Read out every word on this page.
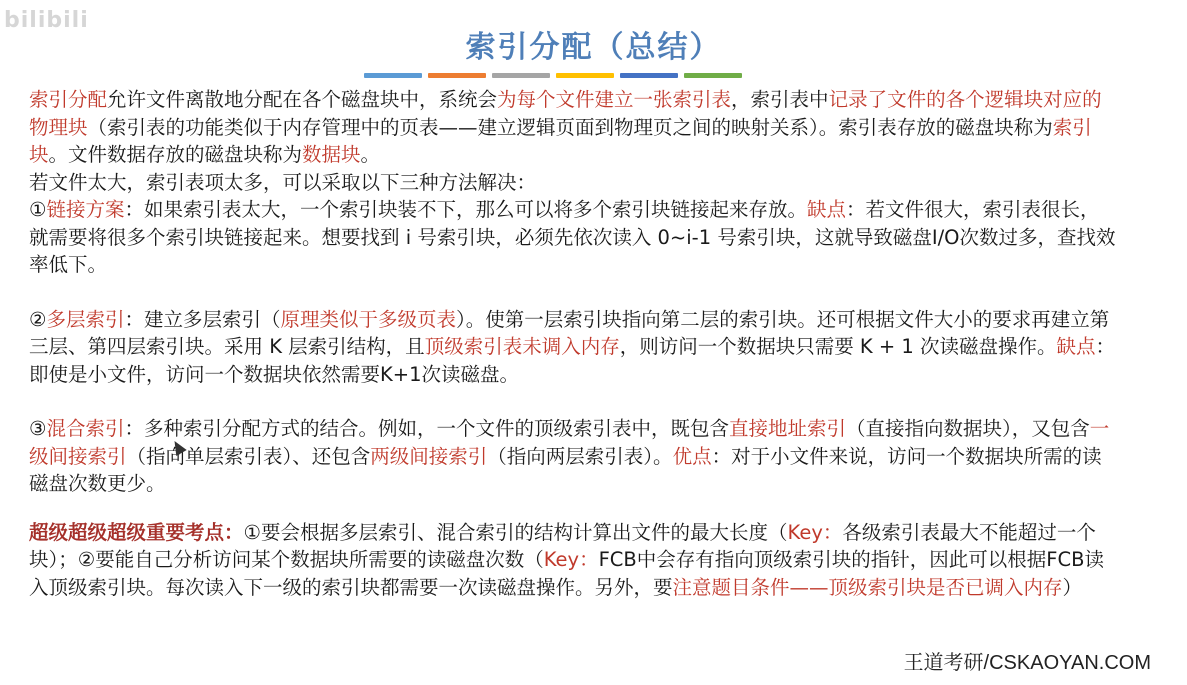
bilibili
索引分配（总结）

索引分配允许文件离散地分配在各个磁盘块中，系统会为每个文件建立一张索引表，索引表中记录了文件的各个逻辑块对应的物理块（索引表的功能类似于内存管理中的页表——建立逻辑页面到物理页之间的映射关系）。索引表存放的磁盘块称为索引块。文件数据存放的磁盘块称为数据块。

若文件太大，索引表项太多，可以采取以下三种方法解决：

①链接方案：如果索引表太大，一个索引块装不下，那么可以将多个索引块链接起来存放。缺点：若文件很大，索引表很长，就需要将很多个索引块链接起来。想要找到 i 号索引块，必须先依次读入 0~i-1 号索引块，这就导致磁盘I/O次数过多，查找效率低下。

②多层索引：建立多层索引（原理类似于多级页表）。使第一层索引块指向第二层的索引块。还可根据文件大小的要求再建立第三层、第四层索引块。采用 K 层索引结构，且顶级索引表未调入内存，则访问一个数据块只需要 K + 1 次读磁盘操作。缺点：即使是小文件，访问一个数据块依然需要K+1次读磁盘。

③混合索引：多种索引分配方式的结合。例如，一个文件的顶级索引表中，既包含直接地址索引（直接指向数据块），又包含一级间接索引（指向单层索引表）、还包含两级间接索引（指向两层索引表）。优点：对于小文件来说，访问一个数据块所需的读磁盘次数更少。

超级超级超级重要考点：①要会根据多层索引、混合索引的结构计算出文件的最大长度（Key：各级索引表最大不能超过一个块）；②要能自己分析访问某个数据块所需要的读磁盘次数（Key：FCB中会存有指向顶级索引块的指针，因此可以根据FCB读入顶级索引块。每次读入下一级的索引块都需要一次读磁盘操作。另外，要注意题目条件——顶级索引块是否已调入内存）

王道考研/CSKAOYAN.COM
